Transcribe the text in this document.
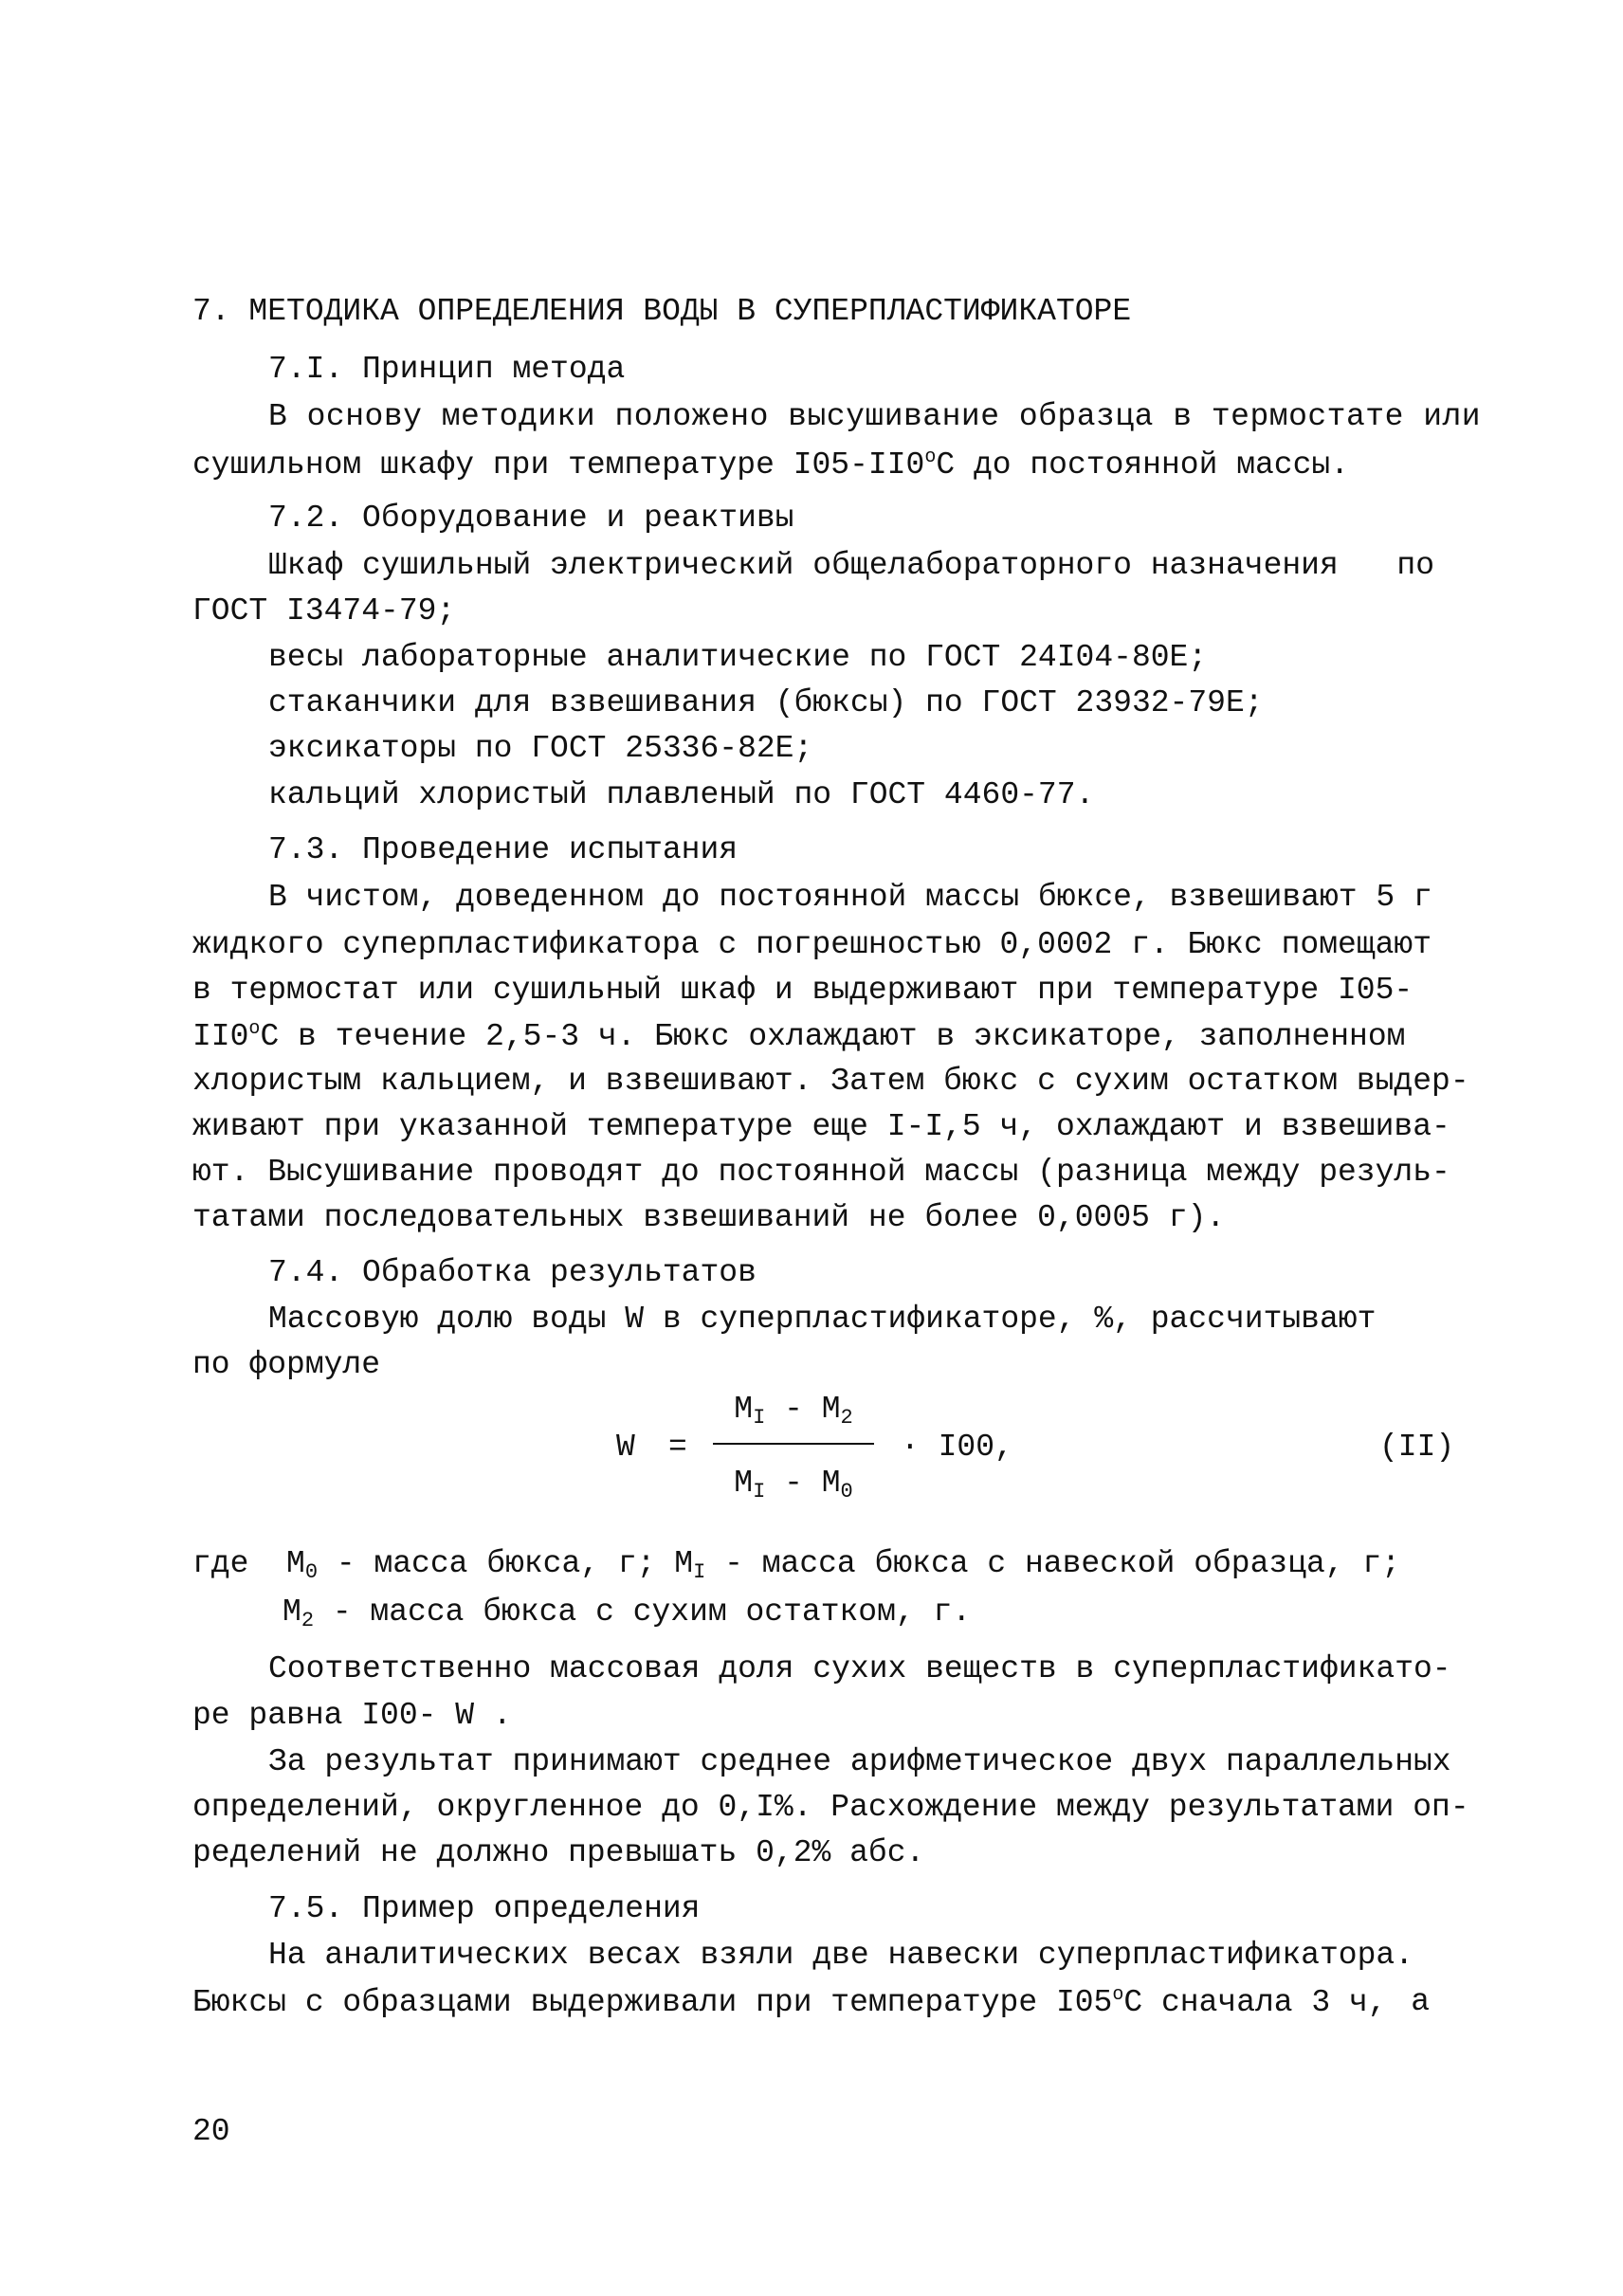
7. МЕТОДИКА ОПРЕДЕЛЕНИЯ ВОДЫ В СУПЕРПЛАСТИФИКАТОРЕ
7.I. Принцип метода
В основу методики положено высушивание образца в термостате или
сушильном шкафу при температуре $I05-II0^оС$ до постоянной массы.
7.2. Оборудование и реактивы
Шкаф сушильный электрический общелабораторного назначения по
ГОСТ I3474-79;
весы лабораторные аналитические по ГОСТ 24I04-80Е;
стаканчики для взвешивания (бюксы) по ГОСТ 23932-79Е;
эксикаторы по ГОСТ 25336-82Е;
кальций хлористый плавленый по ГОСТ 4460-77.
7.3. Проведение испытания
В чистом, доведенном до постоянной массы бюксе, взвешивают 5 г
жидкого суперпластификатора с погрешностью 0,0002 г. Бюкс помещают
в термостат или сушильный шкаф и выдерживают при температуре I05-
$II0^оС$ в течение 2,5-3 ч. Бюкс охлаждают в эксикаторе, заполненном
хлористым кальцием, и взвешивают. Затем бюкс с сухим остатком выдер-
живают при указанной температуре еще I-I,5 ч, охлаждают и взвешива-
ют. Высушивание проводят до постоянной массы (разница между резуль-
татами последовательных взвешиваний не более 0,0005 г).
7.4. Обработка результатов
Массовую долю воды W в суперпластификаторе, %, рассчитывают
по формуле
W =
$М_I - М_2$
$М_I - М_0$
· I00,	(II)
где  $М_0$ - масса бюкса, г; $М_I$ - масса бюкса с навеской образца, г;
$М_2$ - масса бюкса с сухим остатком, г.
Соответственно массовая доля сухих веществ в суперпластификато-
ре равна I00- W .
За результат принимают среднее арифметическое двух параллельных
определений, округленное до 0,I%. Расхождение между результатами оп-
ределений не должно превышать 0,2% абс.
7.5. Пример определения
На аналитических весах взяли две навески суперпластификатора.
Бюксы с образцами выдерживали при температуре $I05^оС$ сначала 3 ч, а
20
